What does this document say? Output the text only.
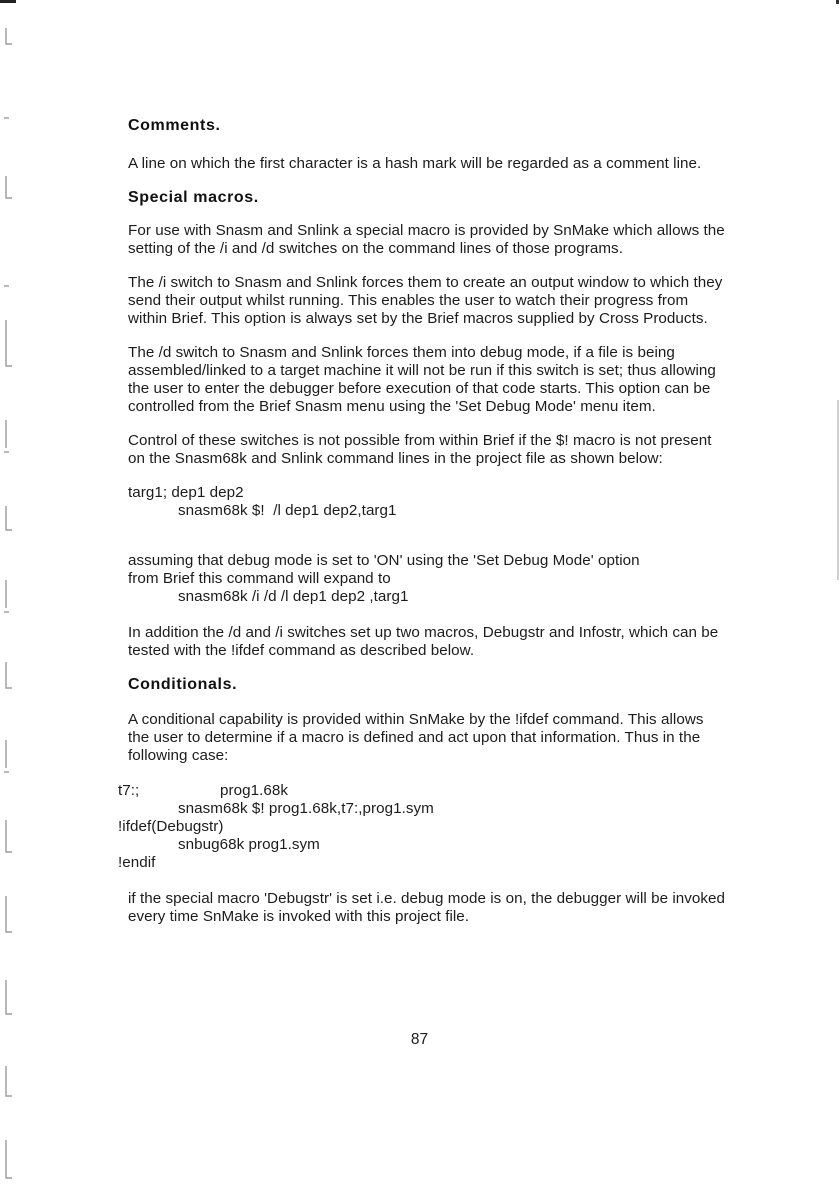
Comments.

A line on which the first character is a hash mark will be regarded as a comment line.

Special macros.

For use with Snasm and Snlink a special macro is provided by SnMake which allows the setting of the /i and /d switches on the command lines of those programs.

The /i switch to Snasm and Snlink forces them to create an output window to which they send their output whilst running. This enables the user to watch their progress from within Brief. This option is always set by the Brief macros supplied by Cross Products.

The /d switch to Snasm and Snlink forces them into debug mode, if a file is being assembled/linked to a target machine it will not be run if this switch is set; thus allowing the user to enter the debugger before execution of that code starts. This option can be controlled from the Brief Snasm menu using the 'Set Debug Mode' menu item.

Control of these switches is not possible from within Brief if the $! macro is not present on the Snasm68k and Snlink command lines in the project file as shown below:

targ1; dep1 dep2
snasm68k $!  /l dep1 dep2,targ1

assuming that debug mode is set to 'ON' using the 'Set Debug Mode' option
from Brief this command will expand to

snasm68k /i /d /l dep1 dep2 ,targ1

In addition the /d and /i switches set up two macros, Debugstr and Infostr, which can be tested with the !ifdef command as described below.

Conditionals.

A conditional capability is provided within SnMake by the !ifdef command. This allows the user to determine if a macro is defined and act upon that information. Thus in the following case:

t7:;	prog1.68k
snasm68k $! prog1.68k,t7:,prog1.sym
!ifdef(Debugstr)
snbug68k prog1.sym
!endif

if the special macro 'Debugstr' is set i.e. debug mode is on, the debugger will be invoked every time SnMake is invoked with this project file.

87
